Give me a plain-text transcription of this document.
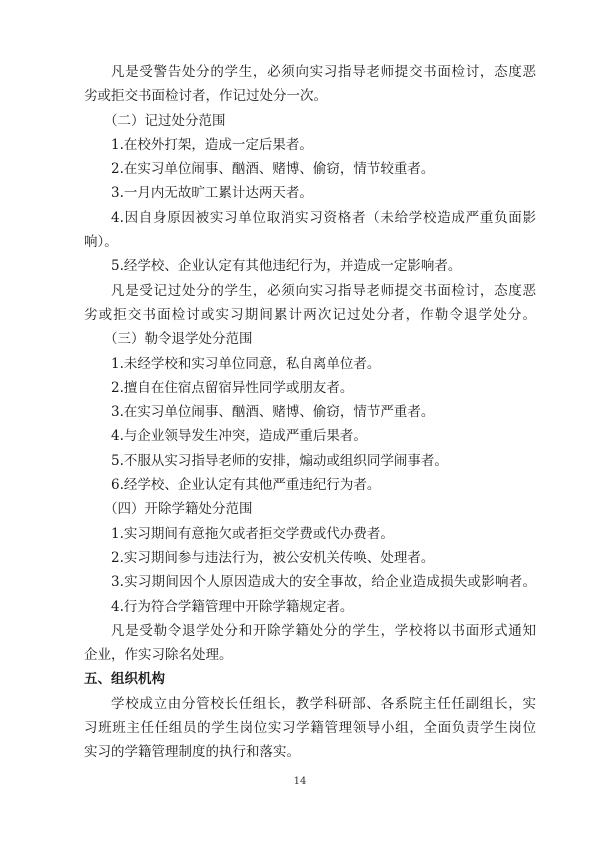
凡是受警告处分的学生，必须向实习指导老师提交书面检讨，态度恶
劣或拒交书面检讨者，作记过处分一次。
（二）记过处分范围
1.在校外打架，造成一定后果者。
2.在实习单位闹事、酗酒、赌博、偷窃，情节较重者。
3.一月内无故旷工累计达两天者。
4.因自身原因被实习单位取消实习资格者（未给学校造成严重负面影
响）。
5.经学校、企业认定有其他违纪行为，并造成一定影响者。
凡是受记过处分的学生，必须向实习指导老师提交书面检讨，态度恶
劣或拒交书面检讨或实习期间累计两次记过处分者，作勒令退学处分。
（三）勒令退学处分范围
1.未经学校和实习单位同意，私自离单位者。
2.擅自在住宿点留宿异性同学或朋友者。
3.在实习单位闹事、酗酒、赌博、偷窃，情节严重者。
4.与企业领导发生冲突，造成严重后果者。
5.不服从实习指导老师的安排，煽动或组织同学闹事者。
6.经学校、企业认定有其他严重违纪行为者。
（四）开除学籍处分范围
1.实习期间有意拖欠或者拒交学费或代办费者。
2.实习期间参与违法行为，被公安机关传唤、处理者。
3.实习期间因个人原因造成大的安全事故，给企业造成损失或影响者。
4.行为符合学籍管理中开除学籍规定者。
凡是受勒令退学处分和开除学籍处分的学生，学校将以书面形式通知
企业，作实习除名处理。
五、组织机构
学校成立由分管校长任组长，教学科研部、各系院主任任副组长，实
习班班主任任组员的学生岗位实习学籍管理领导小组，全面负责学生岗位
实习的学籍管理制度的执行和落实。
14
